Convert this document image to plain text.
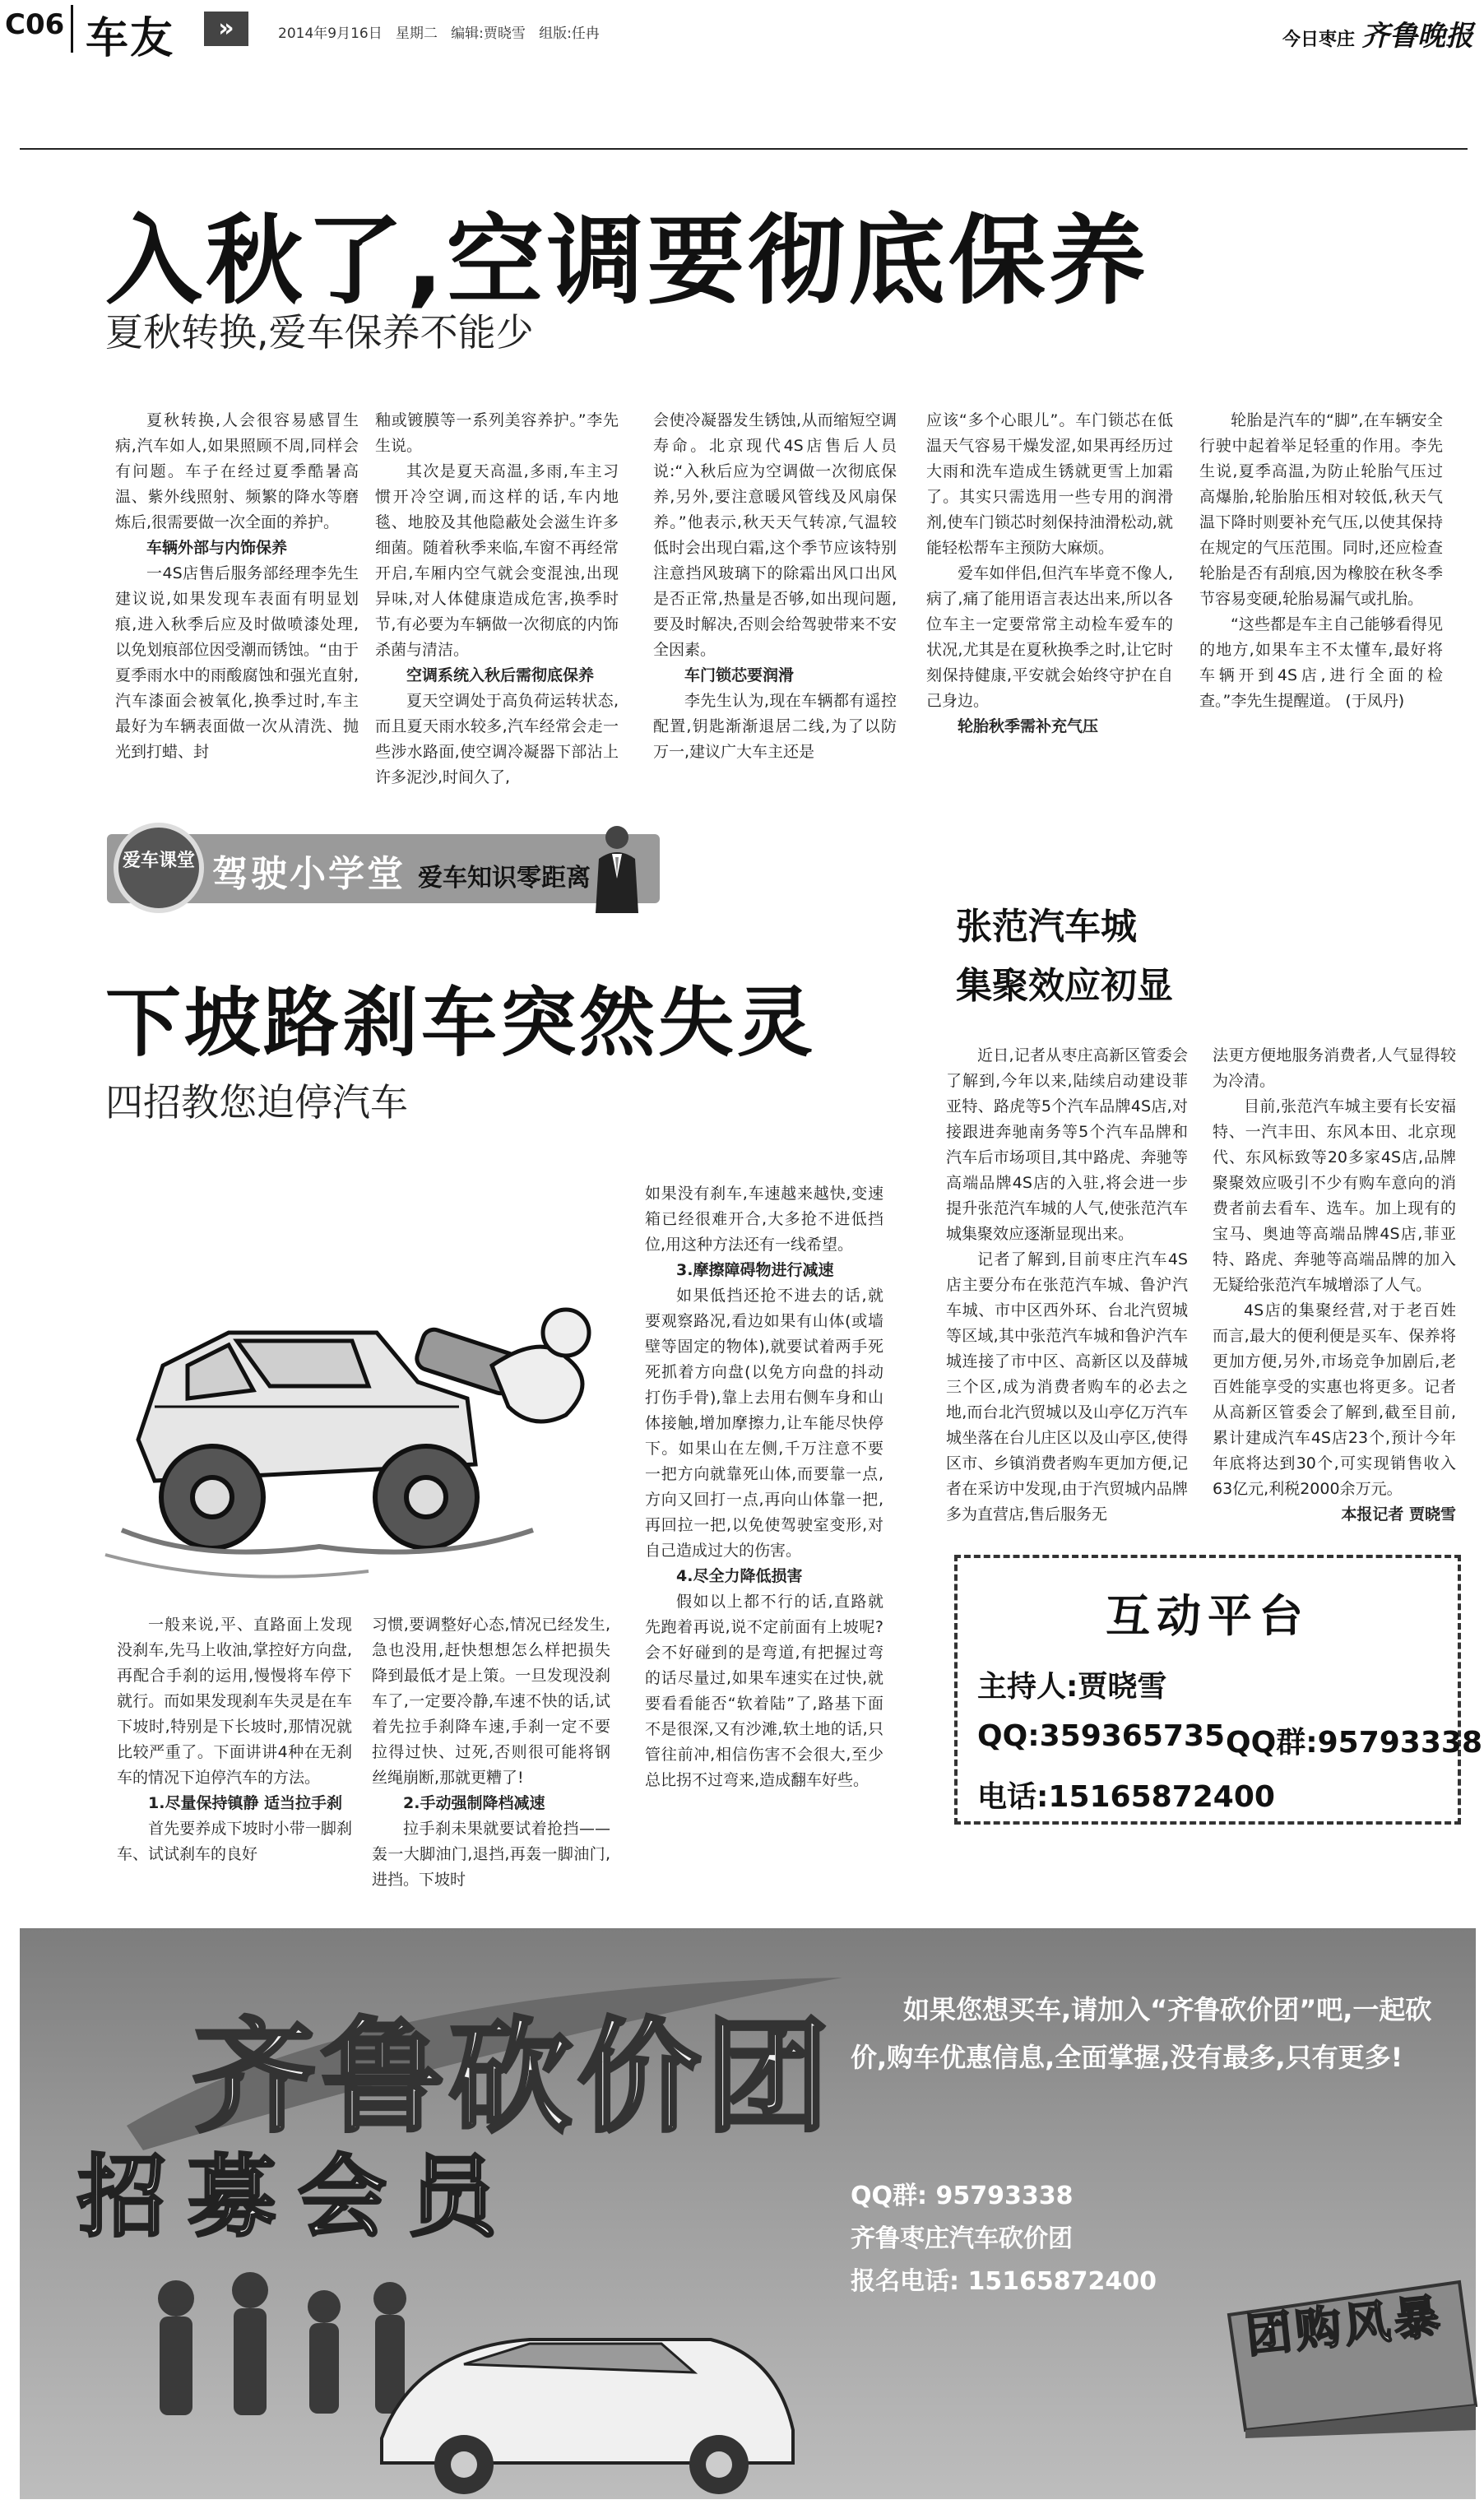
C06 车友	»	2014年9月16日   星期二   编辑:贾晓雪   组版:任冉	今日枣庄 齐鲁晚报
入秋了,空调要彻底保养
夏秋转换,爱车保养不能少

夏秋转换,人会很容易感冒生病,汽车如人,如果照顾不周,同样会有问题。车子在经过夏季酷暑高温、紫外线照射、频繁的降水等磨炼后,很需要做一次全面的养护。

车辆外部与内饰保养

一4S店售后服务部经理李先生建议说,如果发现车表面有明显划痕,进入秋季后应及时做喷漆处理,以免划痕部位因受潮而锈蚀。“由于夏季雨水中的雨酸腐蚀和强光直射,汽车漆面会被氧化,换季过时,车主最好为车辆表面做一次从清洗、抛光到打蜡、封

釉或镀膜等一系列美容养护。”李先生说。

其次是夏天高温,多雨,车主习惯开冷空调,而这样的话,车内地毯、地胶及其他隐蔽处会滋生许多细菌。随着秋季来临,车窗不再经常开启,车厢内空气就会变混浊,出现异味,对人体健康造成危害,换季时节,有必要为车辆做一次彻底的内饰杀菌与清洁。

空调系统入秋后需彻底保养

夏天空调处于高负荷运转状态,而且夏天雨水较多,汽车经常会走一些涉水路面,使空调冷凝器下部沾上许多泥沙,时间久了,

会使冷凝器发生锈蚀,从而缩短空调寿命。北京现代4S店售后人员说:“入秋后应为空调做一次彻底保养,另外,要注意暖风管线及风扇保养。”他表示,秋天天气转凉,气温较低时会出现白霜,这个季节应该特别注意挡风玻璃下的除霜出风口出风是否正常,热量是否够,如出现问题,要及时解决,否则会给驾驶带来不安全因素。

车门锁芯要润滑

李先生认为,现在车辆都有遥控配置,钥匙渐渐退居二线,为了以防万一,建议广大车主还是

应该“多个心眼儿”。车门锁芯在低温天气容易干燥发涩,如果再经历过大雨和洗车造成生锈就更雪上加霜了。其实只需选用一些专用的润滑剂,使车门锁芯时刻保持油滑松动,就能轻松帮车主预防大麻烦。

爱车如伴侣,但汽车毕竟不像人,病了,痛了能用语言表达出来,所以各位车主一定要常常主动检车爱车的状况,尤其是在夏秋换季之时,让它时刻保持健康,平安就会始终守护在自己身边。

轮胎秋季需补充气压

轮胎是汽车的“脚”,在车辆安全行驶中起着举足轻重的作用。李先生说,夏季高温,为防止轮胎气压过高爆胎,轮胎胎压相对较低,秋天气温下降时则要补充气压,以使其保持在规定的气压范围。同时,还应检查轮胎是否有刮痕,因为橡胶在秋冬季节容易变硬,轮胎易漏气或扎胎。

“这些都是车主自己能够看得见的地方,如果车主不太懂车,最好将车辆开到4S店,进行全面的检查。”李先生提醒道。 (于凤丹)

爱车课堂 驾驶小学堂 爱车知识零距离
下坡路刹车突然失灵
四招教您迫停汽车

如果没有刹车,车速越来越快,变速箱已经很难开合,大多抢不进低挡位,用这种方法还有一线希望。

3.摩擦障碍物进行减速

如果低挡还抢不进去的话,就要观察路况,看边如果有山体(或墙壁等固定的物体),就要试着两手死死抓着方向盘(以免方向盘的抖动打伤手骨),靠上去用右侧车身和山体接触,增加摩擦力,让车能尽快停下。如果山在左侧,千万注意不要一把方向就靠死山体,而要靠一点,方向又回打一点,再向山体靠一把,再回拉一把,以免使驾驶室变形,对自己造成过大的伤害。

4.尽全力降低损害

假如以上都不行的话,直路就先跑着再说,说不定前面有上坡呢?会不好碰到的是弯道,有把握过弯的话尽量过,如果车速实在过快,就要看看能否“软着陆”了,路基下面不是很深,又有沙滩,软土地的话,只管往前冲,相信伤害不会很大,至少总比拐不过弯来,造成翻车好些。

一般来说,平、直路面上发现没刹车,先马上收油,掌控好方向盘,再配合手刹的运用,慢慢将车停下就行。而如果发现刹车失灵是在车下坡时,特别是下长坡时,那情况就比较严重了。下面讲讲4种在无刹车的情况下迫停汽车的方法。

1.尽量保持镇静 适当拉手刹

首先要养成下坡时小带一脚刹车、试试刹车的良好

习惯,要调整好心态,情况已经发生,急也没用,赶快想想怎么样把损失降到最低才是上策。一旦发现没刹车了,一定要冷静,车速不快的话,试着先拉手刹降车速,手刹一定不要拉得过快、过死,否则很可能将钢丝绳崩断,那就更糟了!

2.手动强制降档减速

拉手刹未果就要试着抢挡——轰一大脚油门,退挡,再轰一脚油门,进挡。下坡时

张范汽车城
集聚效应初显

近日,记者从枣庄高新区管委会了解到,今年以来,陆续启动建设菲亚特、路虎等5个汽车品牌4S店,对接跟进奔驰南务等5个汽车品牌和汽车后市场项目,其中路虎、奔驰等高端品牌4S店的入驻,将会进一步提升张范汽车城的人气,使张范汽车城集聚效应逐渐显现出来。

记者了解到,目前枣庄汽车4S店主要分布在张范汽车城、鲁沪汽车城、市中区西外环、台北汽贸城等区域,其中张范汽车城和鲁沪汽车城连接了市中区、高新区以及薛城三个区,成为消费者购车的必去之地,而台北汽贸城以及山亭亿万汽车城坐落在台儿庄区以及山亭区,使得区市、乡镇消费者购车更加方便,记者在采访中发现,由于汽贸城内品牌多为直营店,售后服务无

法更方便地服务消费者,人气显得较为冷清。

目前,张范汽车城主要有长安福特、一汽丰田、东风本田、北京现代、东风标致等20多家4S店,品牌聚聚效应吸引不少有购车意向的消费者前去看车、选车。加上现有的宝马、奥迪等高端品牌4S店,菲亚特、路虎、奔驰等高端品牌的加入无疑给张范汽车城增添了人气。

4S店的集聚经营,对于老百姓而言,最大的便利便是买车、保养将更加方便,另外,市场竞争加剧后,老百姓能享受的实惠也将更多。记者从高新区管委会了解到,截至目前,累计建成汽车4S店23个,预计今年年底将达到30个,可实现销售收入63亿元,利税2000余万元。

本报记者 贾晓雪

互动平台
主持人:贾晓雪
QQ:359365735 QQ群:95793338
电话:15165872400
齐鲁砍价团
招募会员
如果您想买车,请加入“齐鲁砍价团”吧,一起砍价,购车优惠信息,全面掌握,没有最多,只有更多!
QQ群: 95793338
齐鲁枣庄汽车砍价团
报名电话: 15165872400
团购风暴
